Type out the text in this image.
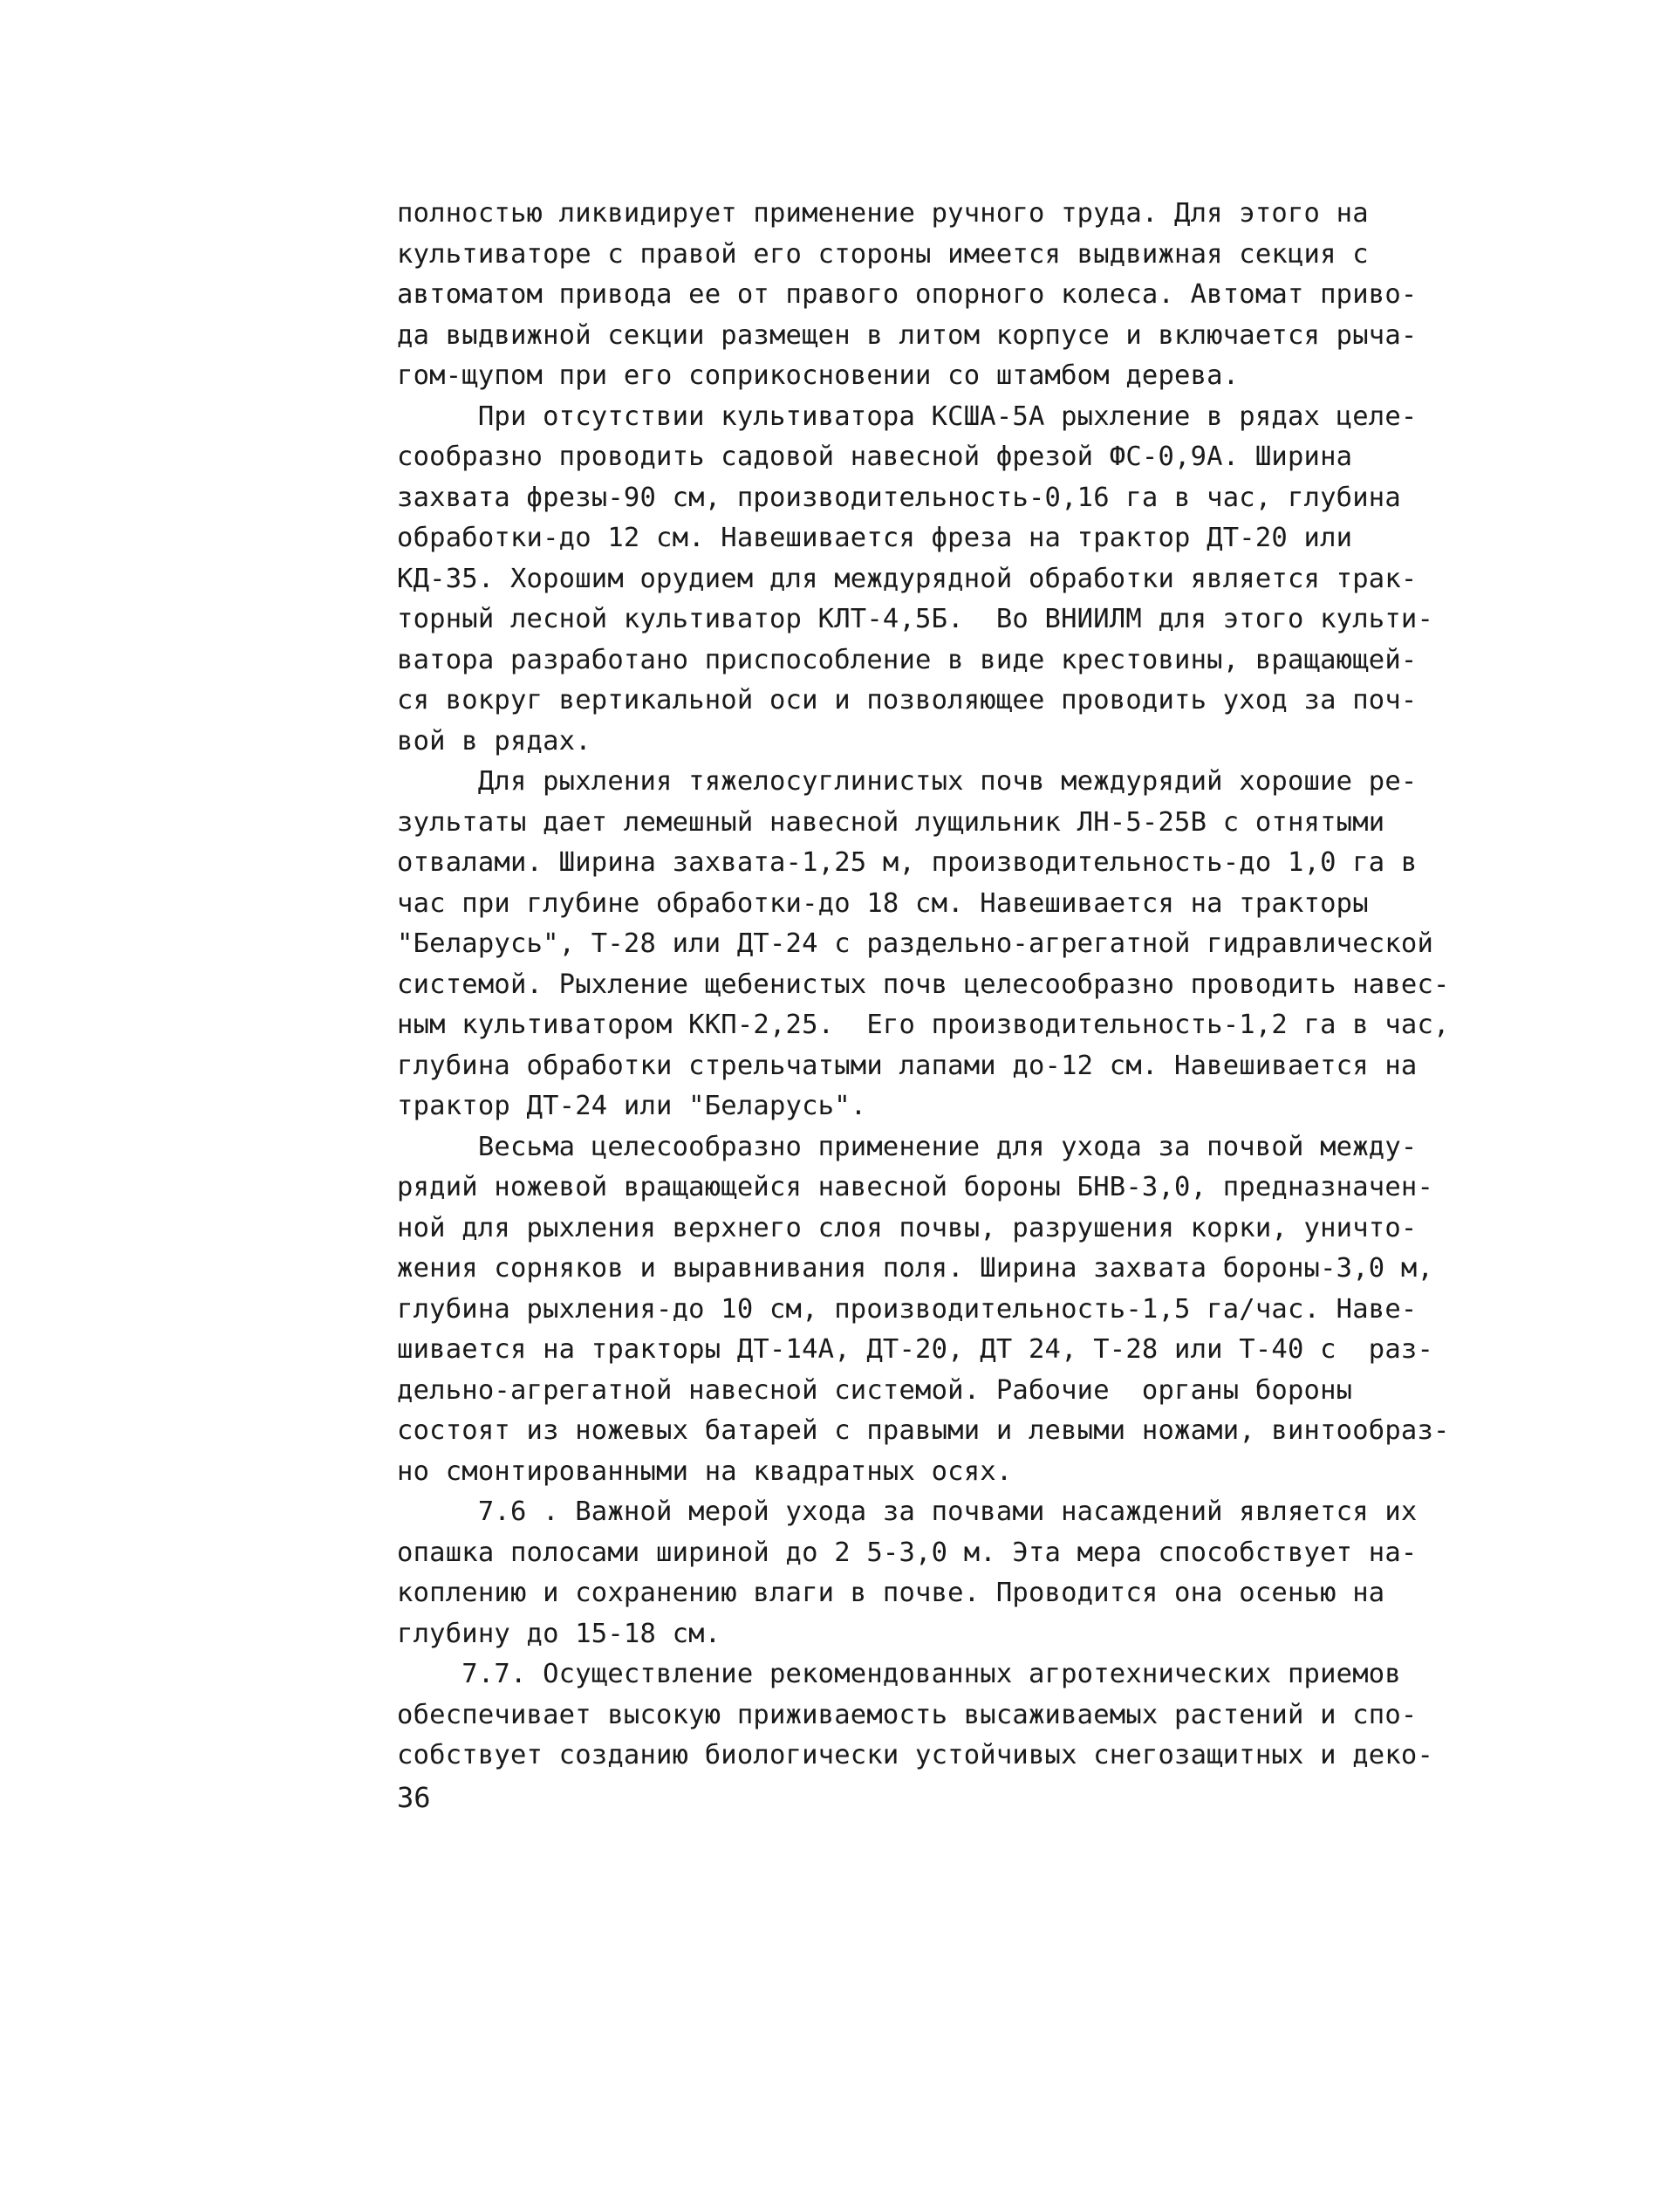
полностью ликвидирует применение ручного труда. Для этого на
культиваторе с правой его стороны имеется выдвижная секция с
автоматом привода ее от правого опорного колеса. Автомат приво-
да выдвижной секции размещен в литом корпусе и включается рыча-
гом-щупом при его соприкосновении со штамбом дерева.
При отсутствии культиватора КСША-5А рыхление в рядах целе-
сообразно проводить садовой навесной фрезой ФС-0,9А. Ширина
захвата фрезы-90 см, производительность-0,16 га в час, глубина
обработки-до 12 см. Навешивается фреза на трактор ДТ-20 или
КД-35. Хорошим орудием для междурядной обработки является трак-
торный лесной культиватор КЛТ-4,5Б.  Во ВНИИЛМ для этого культи-
ватора разработано приспособление в виде крестовины, вращающей-
ся вокруг вертикальной оси и позволяющее проводить уход за поч-
вой в рядах.
Для рыхления тяжелосуглинистых почв междурядий хорошие ре-
зультаты дает лемешный навесной лущильник ЛН-5-25В с отнятыми
отвалами. Ширина захвата-1,25 м, производительность-до 1,0 га в
час при глубине обработки-до 18 см. Навешивается на тракторы
"Беларусь", Т-28 или ДТ-24 с раздельно-агрегатной гидравлической
системой. Рыхление щебенистых почв целесообразно проводить навес-
ным культиватором ККП-2,25.  Его производительность-1,2 га в час,
глубина обработки стрельчатыми лапами до-12 см. Навешивается на
трактор ДТ-24 или "Беларусь".
Весьма целесообразно применение для ухода за почвой между-
рядий ножевой вращающейся навесной бороны БНВ-3,0, предназначен-
ной для рыхления верхнего слоя почвы, разрушения корки, уничто-
жения сорняков и выравнивания поля. Ширина захвата бороны-3,0 м,
глубина рыхления-до 10 см, производительность-1,5 га/час. Наве-
шивается на тракторы ДТ-14А, ДТ-20, ДТ 24, Т-28 или Т-40 с  раз-
дельно-агрегатной навесной системой. Рабочие  органы бороны
состоят из ножевых батарей с правыми и левыми ножами, винтообраз-
но смонтированными на квадратных осях.
7.6 . Важной мерой ухода за почвами насаждений является их
опашка полосами шириной до 2 5-3,0 м. Эта мера способствует на-
коплению и сохранению влаги в почве. Проводится она осенью на
глубину до 15-18 см.
7.7. Осуществление рекомендованных агротехнических приемов
обеспечивает высокую приживаемость высаживаемых растений и спо-
собствует созданию биологически устойчивых снегозащитных и деко-
36
